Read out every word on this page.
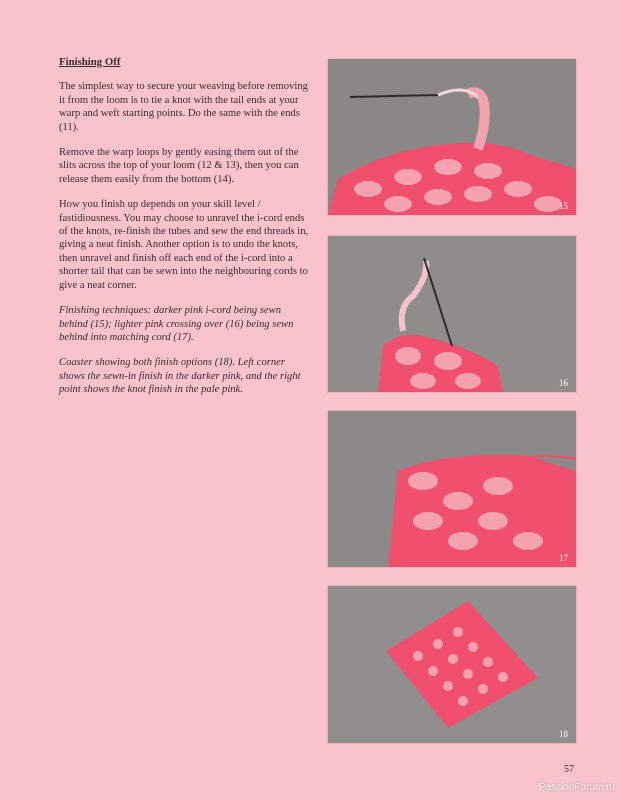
Finishing Off

The simplest way to secure your weaving before removing it from the loom is to tie a knot with the tail ends at your warp and weft starting points. Do the same with the ends (11).

Remove the warp loops by gently easing them out of the slits across the top of your loom (12 & 13), then you can release them easily from the bottom (14).

How you finish up depends on your skill level / fastidiousness. You may choose to unravel the i-cord ends of the knots, re-finish the tubes and sew the end threads in, giving a neat finish. Another option is to undo the knots, then unravel and finish off each end of the i-cord into a shorter tail that can be sewn into the neighbouring cords to give a neat corner.

Finishing techniques: darker pink i-cord being sewn behind (15); lighter pink crossing over (16) being sewn behind into matching cord (17).

Coaster showing both finish options (18). Left corner shows the sewn-in finish in the darker pink, and the right point shows the knot finish in the pale pink.

15
16
17
18
57
PassionForum.ru
